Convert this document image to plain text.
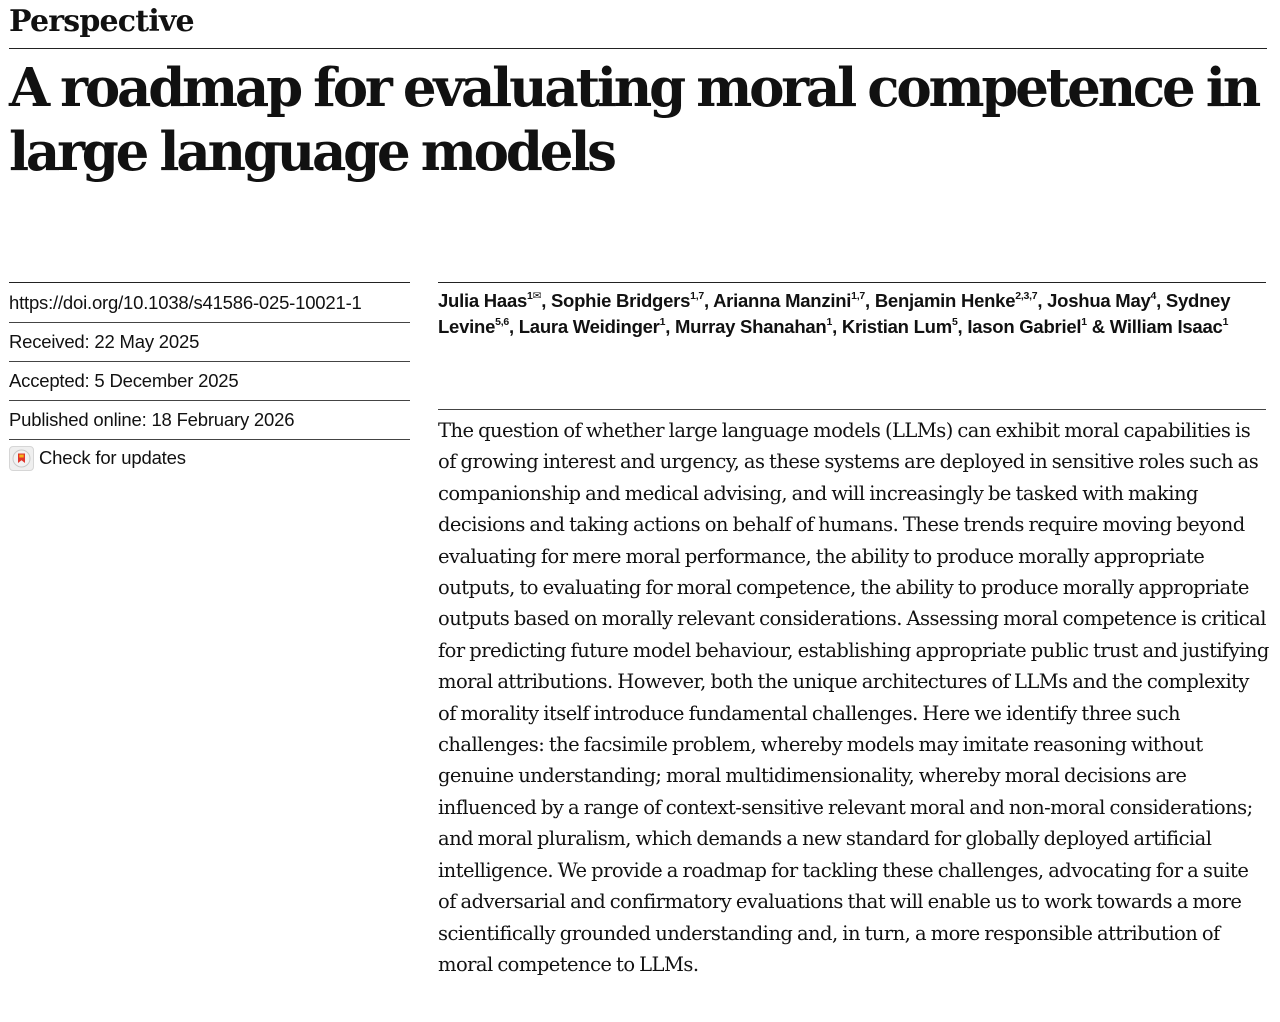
Perspective
A roadmap for evaluating moral competence in large language models
https://doi.org/10.1038/s41586-025-10021-1
Received: 22 May 2025
Accepted: 5 December 2025
Published online: 18 February 2026
Check for updates

Julia Haas$^{1✉}$, Sophie Bridgers$^{1,7}$, Arianna Manzini$^{1,7}$, Benjamin Henke$^{2,3,7}$, Joshua May$^4$, Sydney Levine$^{5,6}$, Laura Weidinger$^1$, Murray Shanahan$^1$, Kristian Lum$^5$, Iason Gabriel$^1$ & William Isaac$^1$

The question of whether large language models (LLMs) can exhibit moral capabilities is of growing interest and urgency, as these systems are deployed in sensitive roles such as companionship and medical advising, and will increasingly be tasked with making decisions and taking actions on behalf of humans. These trends require moving beyond evaluating for mere moral performance, the ability to produce morally appropriate outputs, to evaluating for moral competence, the ability to produce morally appropriate outputs based on morally relevant considerations. Assessing moral competence is critical for predicting future model behaviour, establishing appropriate public trust and justifying moral attributions. However, both the unique architectures of LLMs and the complexity of morality itself introduce fundamental challenges. Here we identify three such challenges: the facsimile problem, whereby models may imitate reasoning without genuine understanding; moral multidimensionality, whereby moral decisions are influenced by a range of context-sensitive relevant moral and non-moral considerations; and moral pluralism, which demands a new standard for globally deployed artificial intelligence. We provide a roadmap for tackling these challenges, advocating for a suite of adversarial and confirmatory evaluations that will enable us to work towards a more scientifically grounded understanding and, in turn, a more responsible attribution of moral competence to LLMs.
